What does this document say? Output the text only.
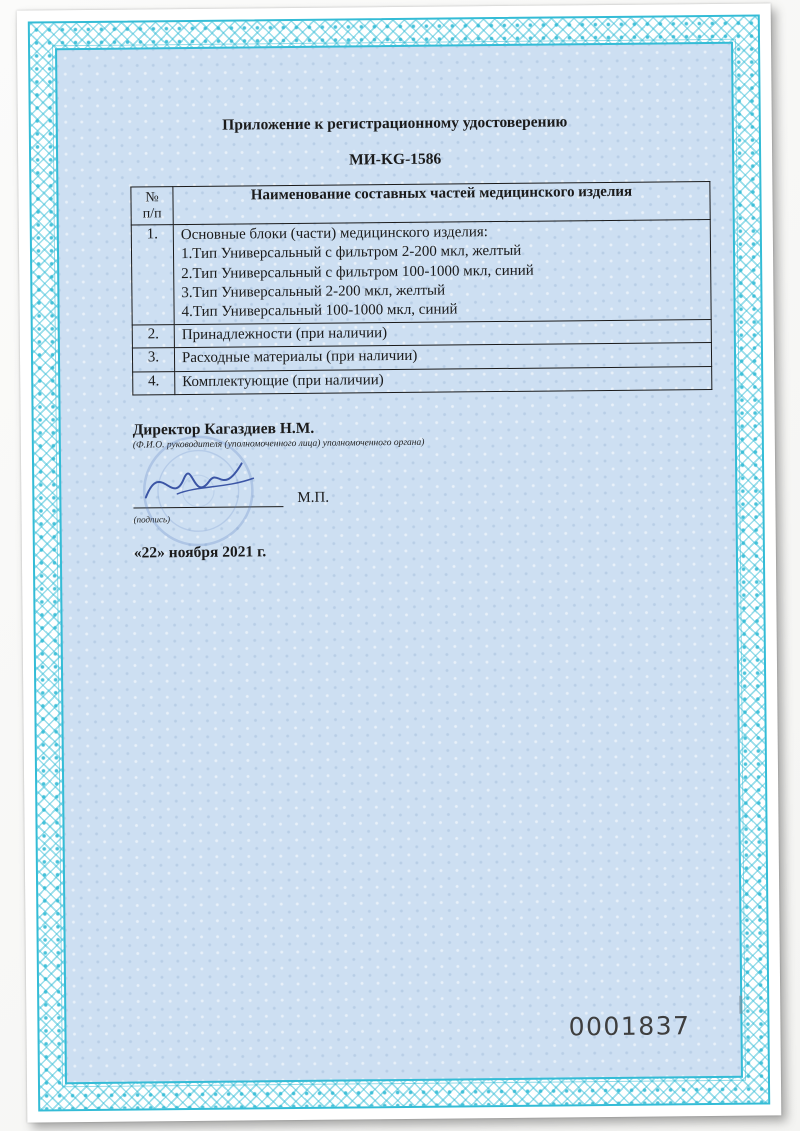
Приложение к регистрационному удостоверению
МИ-KG-1586
№
п/п	Наименование составных частей медицинского изделия
1.	Основные блоки (части) медицинского изделия:
1.Тип Универсальный с фильтром 2-200 мкл, желтый
2.Тип Универсальный с фильтром 100-1000 мкл, синий
3.Тип Универсальный 2-200 мкл, желтый
4.Тип Универсальный 100-1000 мкл, синий

2.	Принадлежности (при наличии)

3.	Расходные материалы (при наличии)

4.	Комплектующие (при наличии)
Директор Кагаздиев Н.М.
(Ф.И.О. руководителя (уполномоченного лица) уполномоченного органа)
М.П.
(подпись)
«22» ноября 2021 г.
0001837
